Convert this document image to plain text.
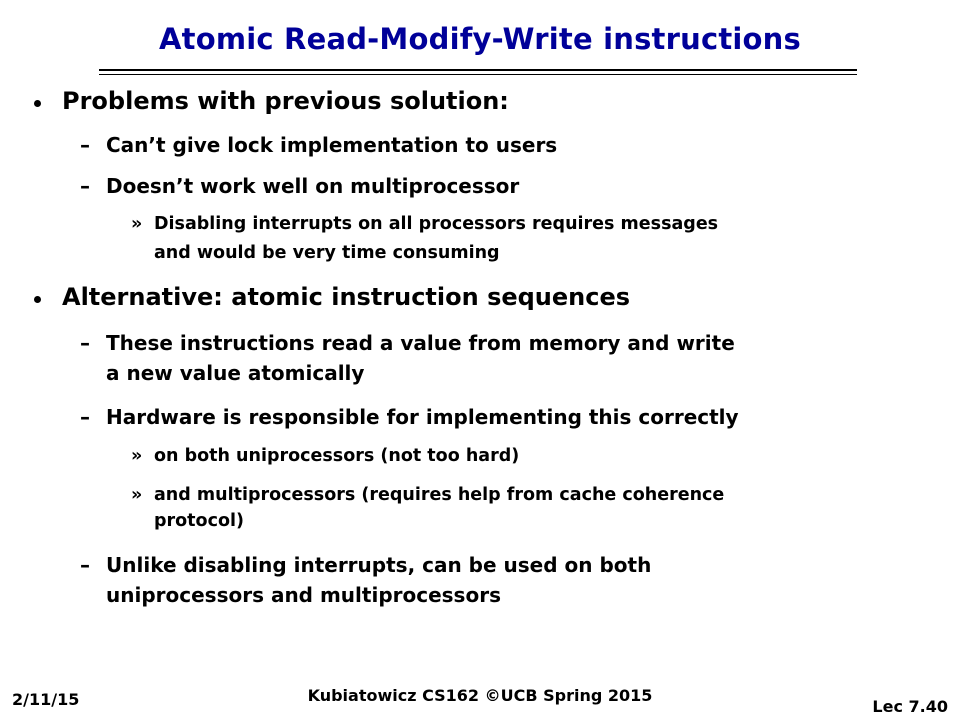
Atomic Read-Modify-Write instructions
Problems with previous solution:
– Can’t give lock implementation to users
– Doesn’t work well on multiprocessor
» Disabling interrupts on all processors requires messages
and would be very time consuming
Alternative: atomic instruction sequences
– These instructions read a value from memory and write
a new value atomically
– Hardware is responsible for implementing this correctly
» on both uniprocessors (not too hard)
» and multiprocessors (requires help from cache coherence
protocol)
– Unlike disabling interrupts, can be used on both
uniprocessors and multiprocessors
2/11/15	Kubiatowicz CS162 ©UCB Spring 2015
Lec 7.40
